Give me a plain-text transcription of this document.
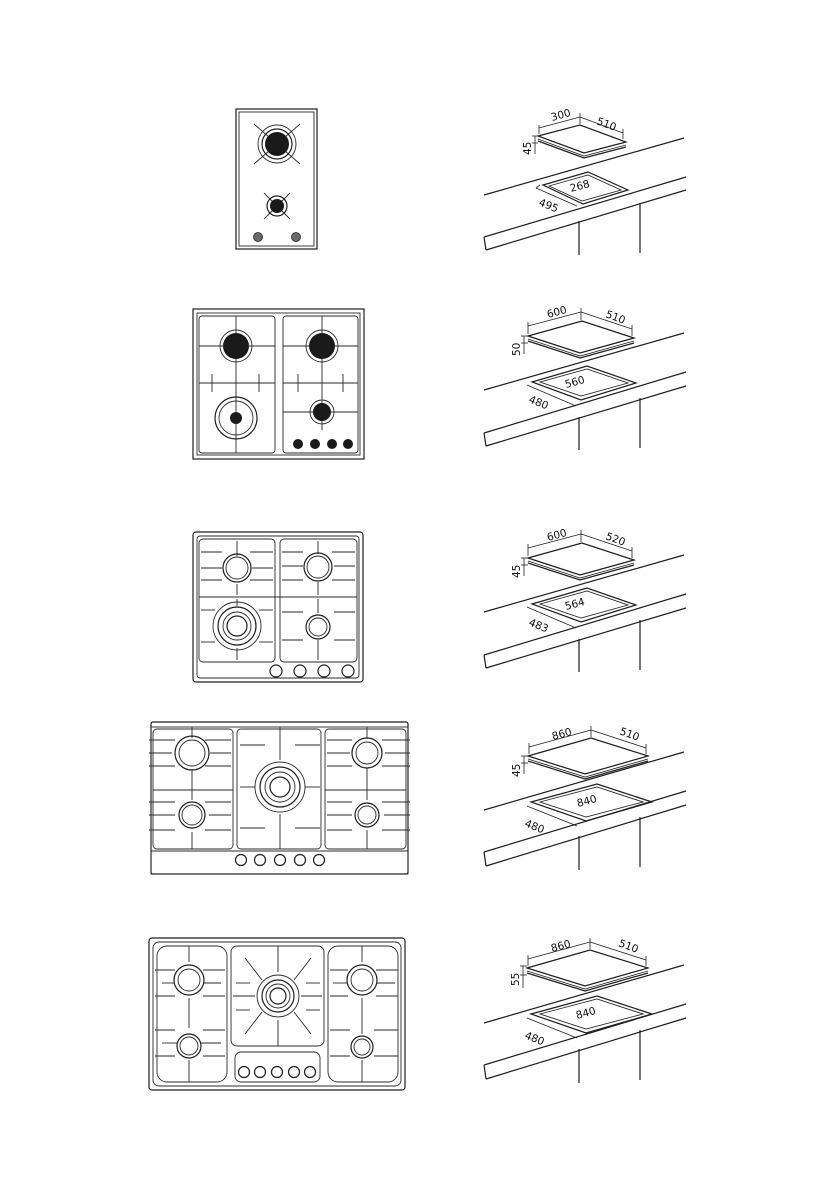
300
510
45
268
495
600	510
50
560
480
600	520
45
564
483
860	510
45
840
480
860	510
55
840
480
